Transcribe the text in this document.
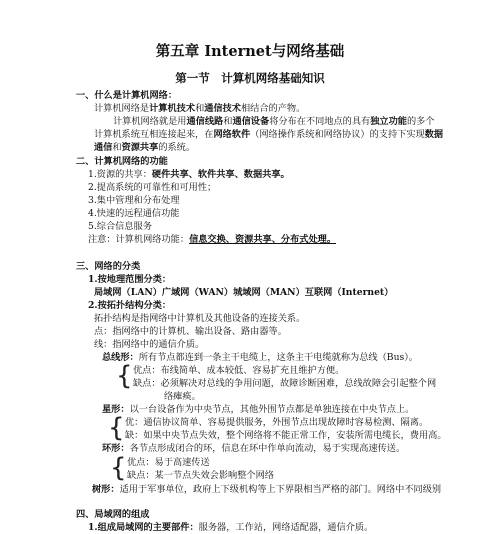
第五章 Internet与网络基础
第一节　计算机网络基础知识
一、什么是计算机网络：
计算机网络是计算机技术和通信技术相结合的产物。
计算机网络就是用通信线路和通信设备将分布在不同地点的具有独立功能的多个
计算机系统互相连接起来，在网络软件（网络操作系统和网络协议）的支持下实现数据
通信和资源共享的系统。
二、计算机网络的功能
1.资源的共享：硬件共享、软件共享、数据共享。
2.提高系统的可靠性和可用性；
3.集中管理和分布处理
4.快速的远程通信功能
5.综合信息服务
注意：计算机网络功能：信息交换、资源共享、分布式处理。
三、网络的分类
1.按地理范围分类：
局域网（LAN）广域网（WAN）城域网（MAN）互联网（Internet）
2.按拓扑结构分类：
拓扑结构是指网络中计算机及其他设备的连接关系。
点：指网络中的计算机、输出设备、路由器等。
线：指网络中的通信介质。
总线形：所有节点都连到一条主干电缆上，这条主干电缆就称为总线（Bus）。
{ 优点：布线简单、成本较低、容易扩充且维护方便。
缺点：必须解决对总线的争用问题，故障诊断困难，总线故障会引起整个网
络瘫痪。
星形：以一台设备作为中央节点，其他外围节点都是单独连接在中央节点上。
{ 优：通信协议简单、容易提供服务，外围节点出现故障时容易检测、隔离。
缺：如果中央节点失效，整个网络将不能正常工作，安装所需电缆长，费用高。
环形：各节点形成闭合的环，信息在环中作单向流动，易于实现高速传送。
{ 优点：易于高速传送
缺点：某一节点失效会影响整个网络
树形：适用于军事单位，政府上下级机构等上下界限相当严格的部门。网络中不同级别
四、局域网的组成
1.组成局域网的主要部件：服务器，工作站，网络适配器，通信介质。
